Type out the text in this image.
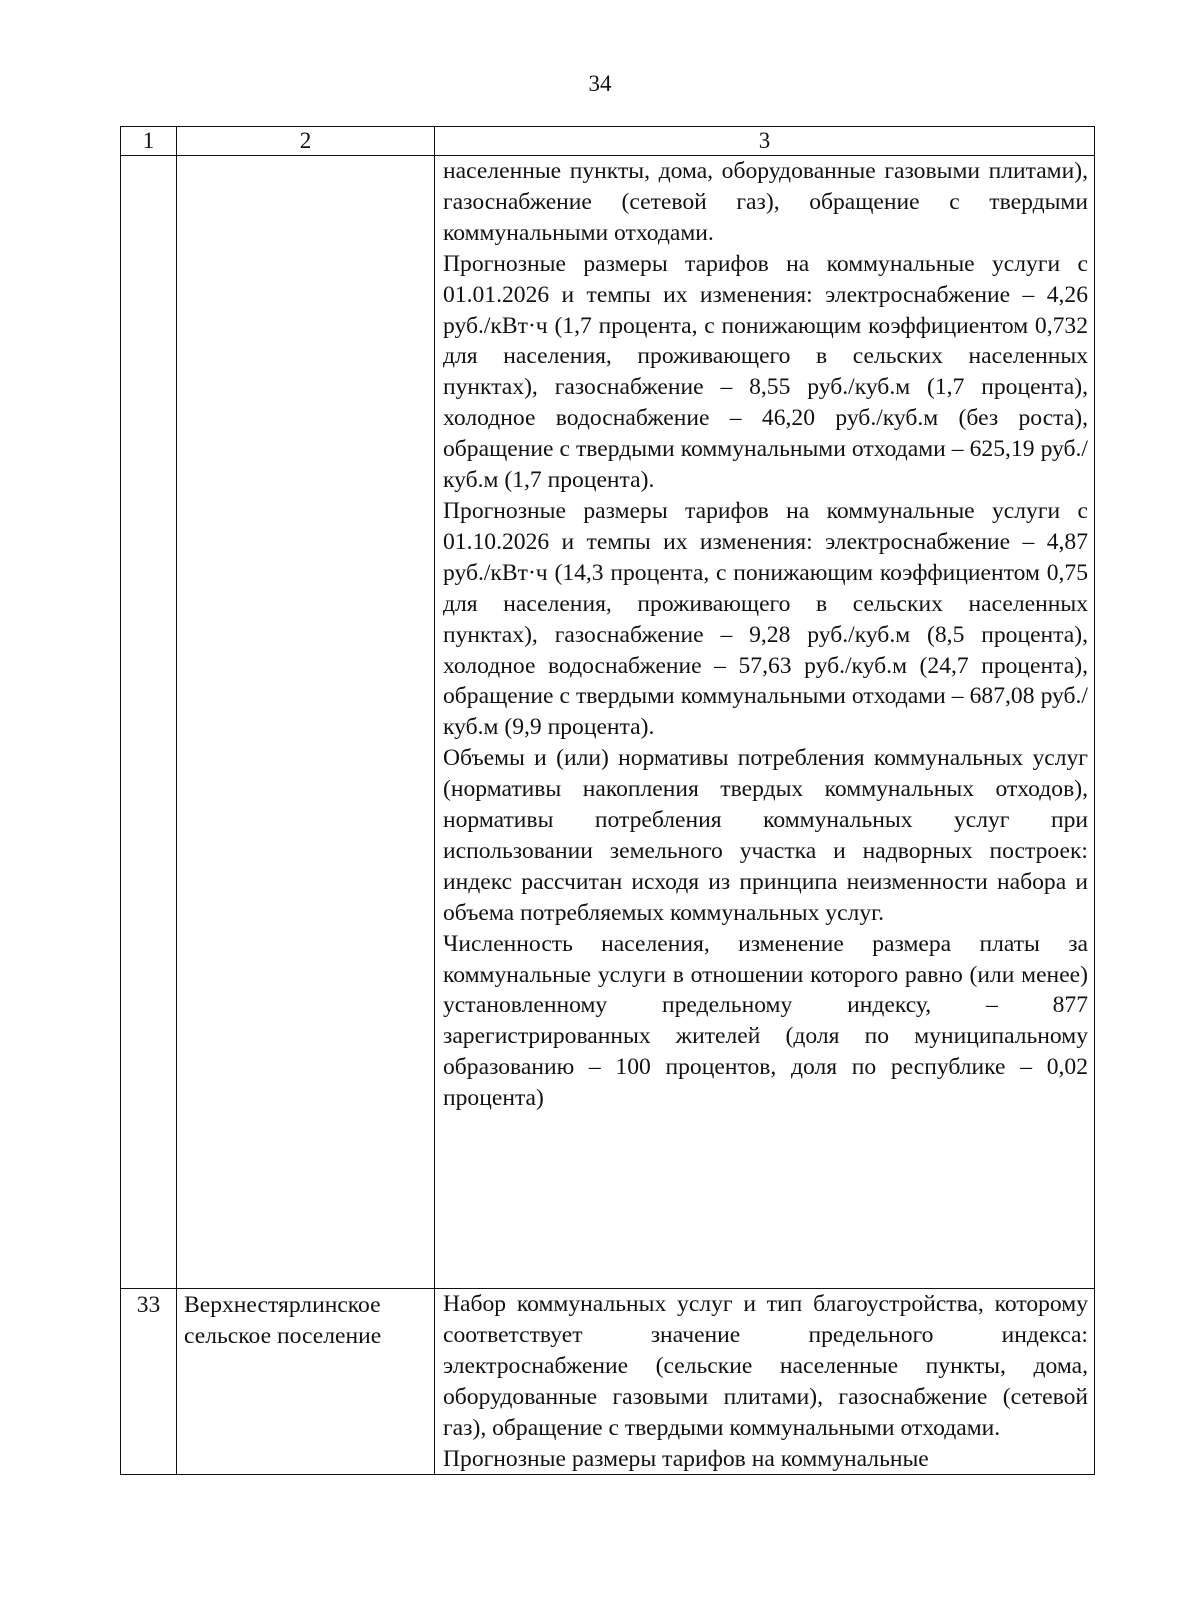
34
1	2	3

		населенные пункты, дома, оборудованные газовыми плитами), газоснабжение (сетевой газ), обращение с твердыми коммунальными отходами.

Прогнозные размеры тарифов на коммунальные услуги с 01.01.2026 и темпы их изменения: электроснабжение – 4,26 руб./кВт·ч (1,7 процента, с понижающим коэффициентом 0,732 для населения, проживающего в сельских населенных пунктах), газоснабжение – 8,55 руб./куб.м (1,7 процента), холодное водоснабжение – 46,20 руб./куб.м (без роста), обращение с твердыми коммунальными отходами – 625,19 руб./куб.м (1,7 процента).

Прогнозные размеры тарифов на коммунальные услуги с 01.10.2026 и темпы их изменения: электроснабжение – 4,87 руб./кВт·ч (14,3 процента, с понижающим коэффициентом 0,75 для населения, проживающего в сельских населенных пунктах), газоснабжение – 9,28 руб./куб.м (8,5 процента), холодное водоснабжение – 57,63 руб./куб.м (24,7 процента), обращение с твердыми коммунальными отходами – 687,08 руб./куб.м (9,9 процента).

Объемы и (или) нормативы потребления коммунальных услуг (нормативы накопления твердых коммунальных отходов), нормативы потребления коммунальных услуг при использовании земельного участка и надворных построек: индекс рассчитан исходя из принципа неизменности набора и объема потребляемых коммунальных услуг.

Численность населения, изменение размера платы за коммунальные услуги в отношении которого равно (или менее) установленному предельному индексу, – 877 зарегистрированных жителей (доля по муниципальному образованию – 100 процентов, доля по республике – 0,02 процента)

33	Верхнестярлинское сельское поселение	Набор коммунальных услуг и тип благоустройства, которому соответствует значение предельного индекса: электроснабжение (сельские населенные пункты, дома, оборудованные газовыми плитами), газоснабжение (сетевой газ), обращение с твердыми коммунальными отходами.

Прогнозные размеры тарифов на коммунальные
